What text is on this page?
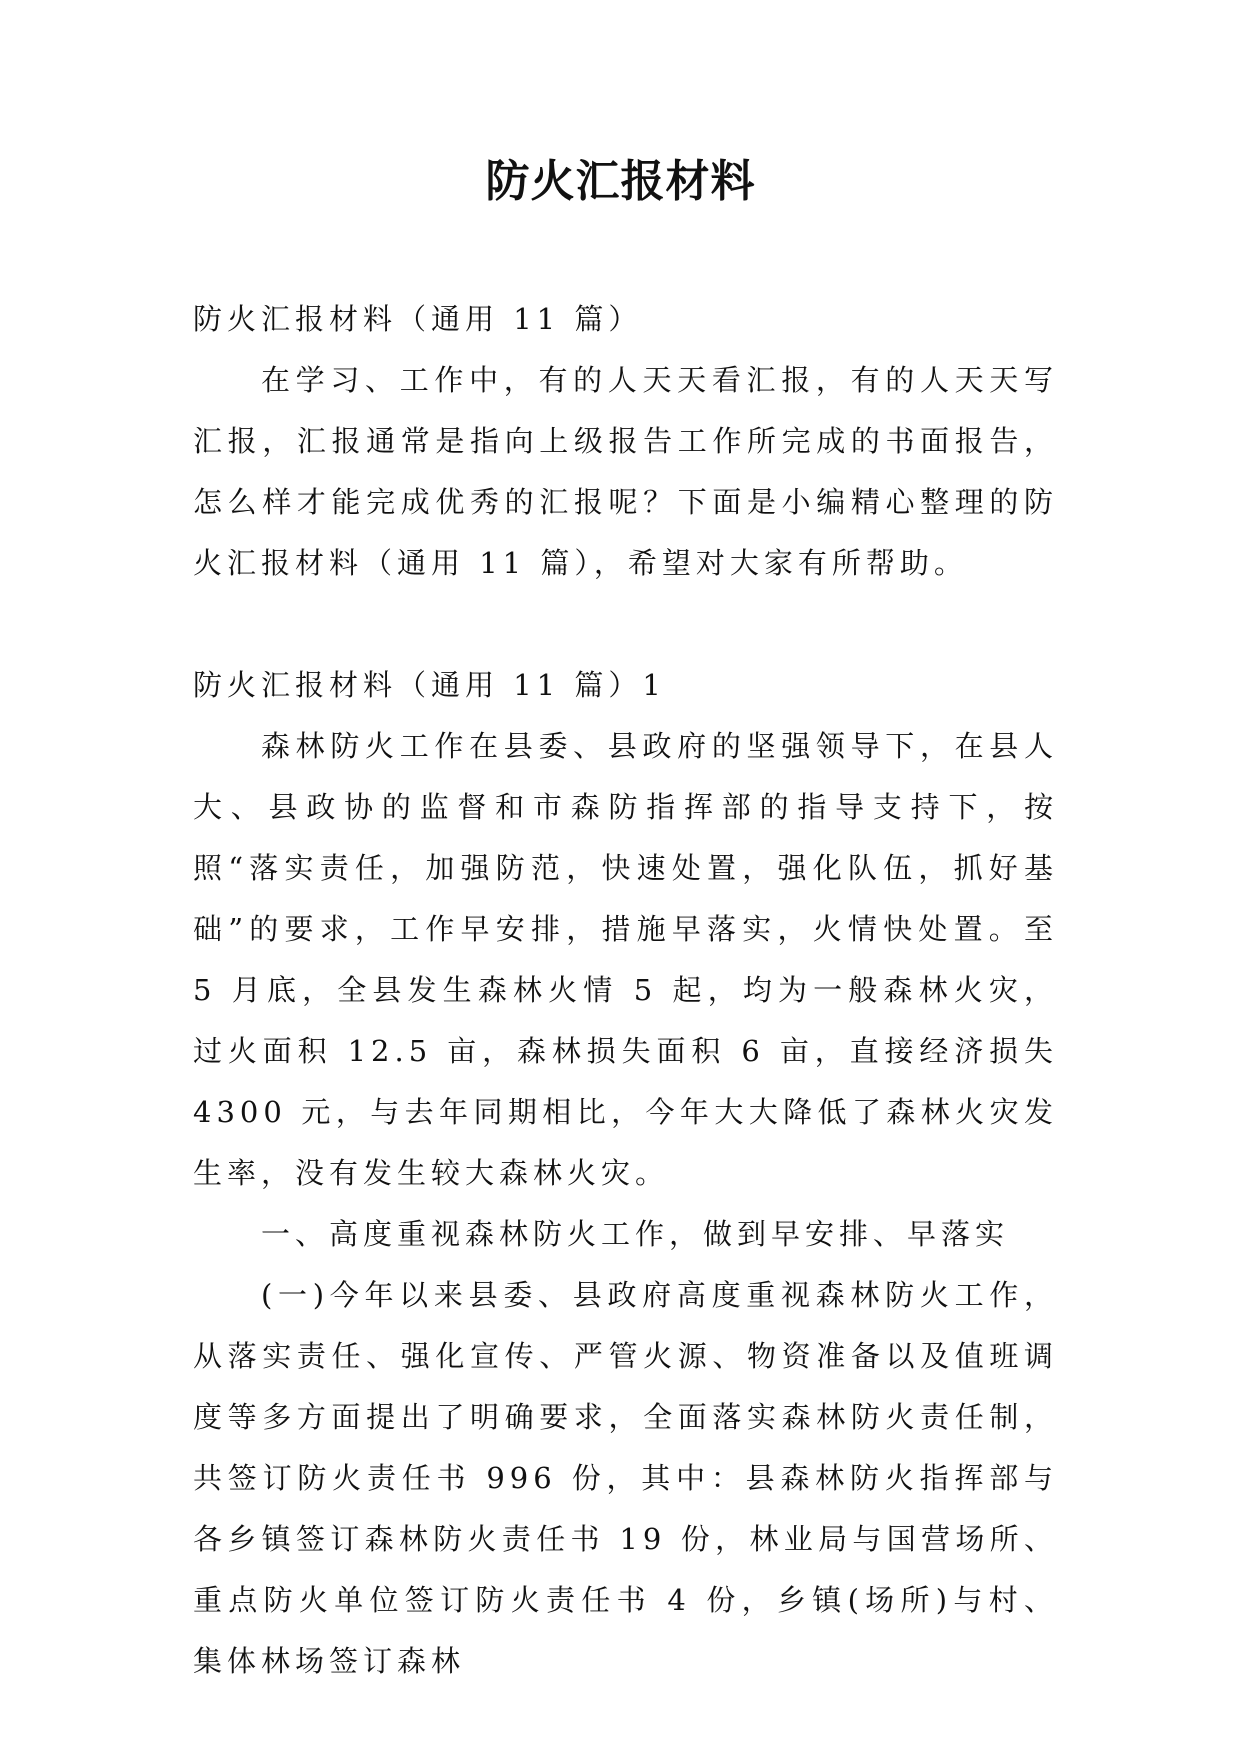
防火汇报材料

防火汇报材料（通用 11 篇）

在学习、工作中，有的人天天看汇报，有的人天天写汇报，汇报通常是指向上级报告工作所完成的书面报告，怎么样才能完成优秀的汇报呢？下面是小编精心整理的防火汇报材料（通用 11 篇），希望对大家有所帮助。

防火汇报材料（通用 11 篇）1

森林防火工作在县委、县政府的坚强领导下，在县人大、县政协的监督和市森防指挥部的指导支持下，按照“落实责任，加强防范，快速处置，强化队伍，抓好基础”的要求，工作早安排，措施早落实，火情快处置。至 5 月底，全县发生森林火情 5 起，均为一般森林火灾，过火面积 12.5 亩，森林损失面积 6 亩，直接经济损失 4300 元，与去年同期相比，今年大大降低了森林火灾发生率，没有发生较大森林火灾。

一、高度重视森林防火工作，做到早安排、早落实

(一)今年以来县委、县政府高度重视森林防火工作，从落实责任、强化宣传、严管火源、物资准备以及值班调度等多方面提出了明确要求，全面落实森林防火责任制，共签订防火责任书 996 份，其中：县森林防火指挥部与各乡镇签订森林防火责任书 19 份，林业局与国营场所、重点防火单位签订防火责任书 4 份，乡镇(场所)与村、集体林场签订森林
